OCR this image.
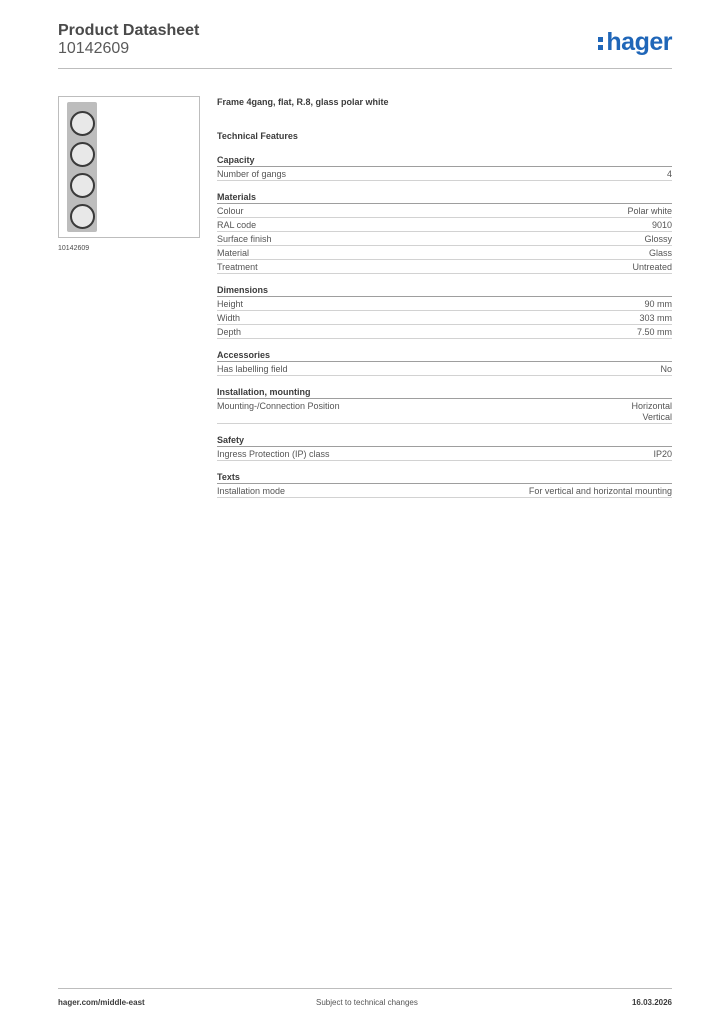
Product Datasheet
10142609	hager
10142609
Frame 4gang, flat, R.8, glass polar white
Technical Features
Capacity
Number of gangs	4
Materials
Colour	Polar white
RAL code	9010
Surface finish	Glossy
Material	Glass
Treatment	Untreated
Dimensions
Height	90 mm
Width	303 mm
Depth	7.50 mm
Accessories
Has labelling field	No
Installation, mounting
Mounting-/Connection Position	Horizontal
Vertical
Safety
Ingress Protection (IP) class	IP20
Texts
Installation mode	For vertical and horizontal mounting
hager.com/middle-east	Subject to technical changes	16.03.2026
